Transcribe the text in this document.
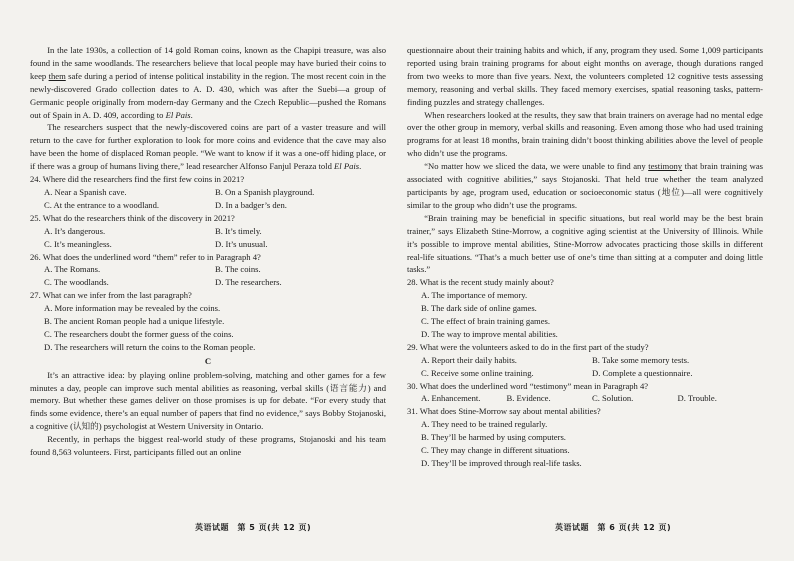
In the late 1930s, a collection of 14 gold Roman coins, known as the Chapipi treasure, was also found in the same woodlands. The researchers believe that local people may have buried their coins to keep them safe during a period of intense political instability in the region. The most recent coin in the newly-discovered Grado collection dates to A. D. 430, which was after the Suebi—a group of Germanic people originally from modern-day Germany and the Czech Republic—pushed the Romans out of Spain in A. D. 409, according to El Pais.

The researchers suspect that the newly-discovered coins are part of a vaster treasure and will return to the cave for further exploration to look for more coins and evidence that the cave may also have been the home of displaced Roman people. “We want to know if it was a one-off hiding place, or if there was a group of humans living there,” lead researcher Alfonso Fanjul Peraza told El Pais.

24. Where did the researchers find the first few coins in 2021?
A. Near a Spanish cave.	B. On a Spanish playground.
C. At the entrance to a woodland.	D. In a badger’s den.
25. What do the researchers think of the discovery in 2021?
A. It’s dangerous.	B. It’s timely.
C. It’s meaningless.	D. It’s unusual.
26. What does the underlined word “them” refer to in Paragraph 4?
A. The Romans.	B. The coins.
C. The woodlands.	D. The researchers.
27. What can we infer from the last paragraph?
A. More information may be revealed by the coins.
B. The ancient Roman people had a unique lifestyle.
C. The researchers doubt the former guess of the coins.
D. The researchers will return the coins to the Roman people.
C

It’s an attractive idea: by playing online problem-solving, matching and other games for a few minutes a day, people can improve such mental abilities as reasoning, verbal skills (语言能力) and memory. But whether these games deliver on those promises is up for debate. “For every study that finds some evidence, there’s an equal number of papers that find no evidence,” says Bobby Stojanoski, a cognitive (认知的) psychologist at Western University in Ontario.

Recently, in perhaps the biggest real-world study of these programs, Stojanoski and his team found 8,563 volunteers. First, participants filled out an online

questionnaire about their training habits and which, if any, program they used. Some 1,009 participants reported using brain training programs for about eight months on average, though durations ranged from two weeks to more than five years. Next, the volunteers completed 12 cognitive tests assessing memory, reasoning and verbal skills. They faced memory exercises, spatial reasoning tasks, pattern-finding puzzles and strategy challenges.

When researchers looked at the results, they saw that brain trainers on average had no mental edge over the other group in memory, verbal skills and reasoning. Even among those who had used training programs for at least 18 months, brain training didn’t boost thinking abilities above the level of people who didn’t use the programs.

“No matter how we sliced the data, we were unable to find any testimony that brain training was associated with cognitive abilities,” says Stojanoski. That held true whether the team analyzed participants by age, program used, education or socioeconomic status (地位)—all were cognitively similar to the group who didn’t use the programs.

“Brain training may be beneficial in specific situations, but real world may be the best brain trainer,” says Elizabeth Stine-Morrow, a cognitive aging scientist at the University of Illinois. While it’s possible to improve mental abilities, Stine-Morrow advocates practicing those skills in different real-life situations. “That’s a much better use of one’s time than sitting at a computer and doing little tasks.”

28. What is the recent study mainly about?
A. The importance of memory.
B. The dark side of online games.
C. The effect of brain training games.
D. The way to improve mental abilities.
29. What were the volunteers asked to do in the first part of the study?
A. Report their daily habits.	B. Take some memory tests.
C. Receive some online training.	D. Complete a questionnaire.
30. What does the underlined word “testimony” mean in Paragraph 4?
A. Enhancement.	B. Evidence.	C. Solution.	D. Trouble.
31. What does Stine-Morrow say about mental abilities?
A. They need to be trained regularly.
B. They’ll be harmed by using computers.
C. They may change in different situations.
D. They’ll be improved through real-life tasks.
英语试题　第 5 页(共 12 页)	英语试题　第 6 页(共 12 页)
